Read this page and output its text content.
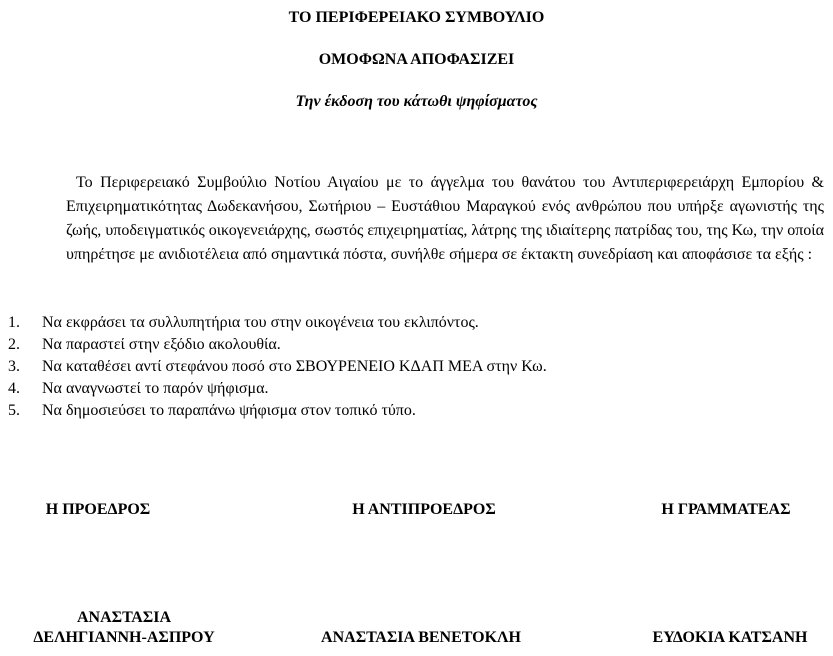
ΤΟ ΠΕΡΙΦΕΡΕΙΑΚΟ ΣΥΜΒΟΥΛΙΟ
ΟΜΟΦΩΝΑ ΑΠΟΦΑΣΙΖΕΙ
Την έκδοση του κάτωθι ψηφίσματος
Το Περιφερειακό Συμβούλιο Νοτίου Αιγαίου με το άγγελμα του θανάτου του Αντιπεριφερειάρχη Εμπορίου & Επιχειρηματικότητας Δωδεκανήσου, Σωτήριου – Ευστάθιου Μαραγκού ενός ανθρώπου που υπήρξε αγωνιστής της ζωής, υποδειγματικός οικογενειάρχης, σωστός επιχειρηματίας, λάτρης της ιδιαίτερης πατρίδας του, της Κω, την οποία υπηρέτησε με ανιδιοτέλεια από σημαντικά πόστα, συνήλθε σήμερα σε έκτακτη συνεδρίαση και αποφάσισε τα εξής :
1.	Να εκφράσει τα συλλυπητήρια του στην οικογένεια του εκλιπόντος.
2.	Να παραστεί στην εξόδιο ακολουθία.
3.	Να καταθέσει αντί στεφάνου ποσό στο ΣΒΟΥΡΕΝΕΙΟ ΚΔΑΠ ΜΕΑ στην Κω.
4.	Να αναγνωστεί το παρόν ψήφισμα.
5.	Να δημοσιεύσει το παραπάνω ψήφισμα στον τοπικό τύπο.
Η ΠΡΟΕΔΡΟΣ	Η ΑΝΤΙΠΡΟΕΔΡΟΣ	Η ΓΡΑΜΜΑΤΕΑΣ
ΑΝΑΣΤΑΣΙΑ
ΔΕΛΗΓΙΑΝΝΗ-ΑΣΠΡΟΥ	ΑΝΑΣΤΑΣΙΑ ΒΕΝΕΤΟΚΛΗ	ΕΥΔΟΚΙΑ ΚΑΤΣΑΝΗ
